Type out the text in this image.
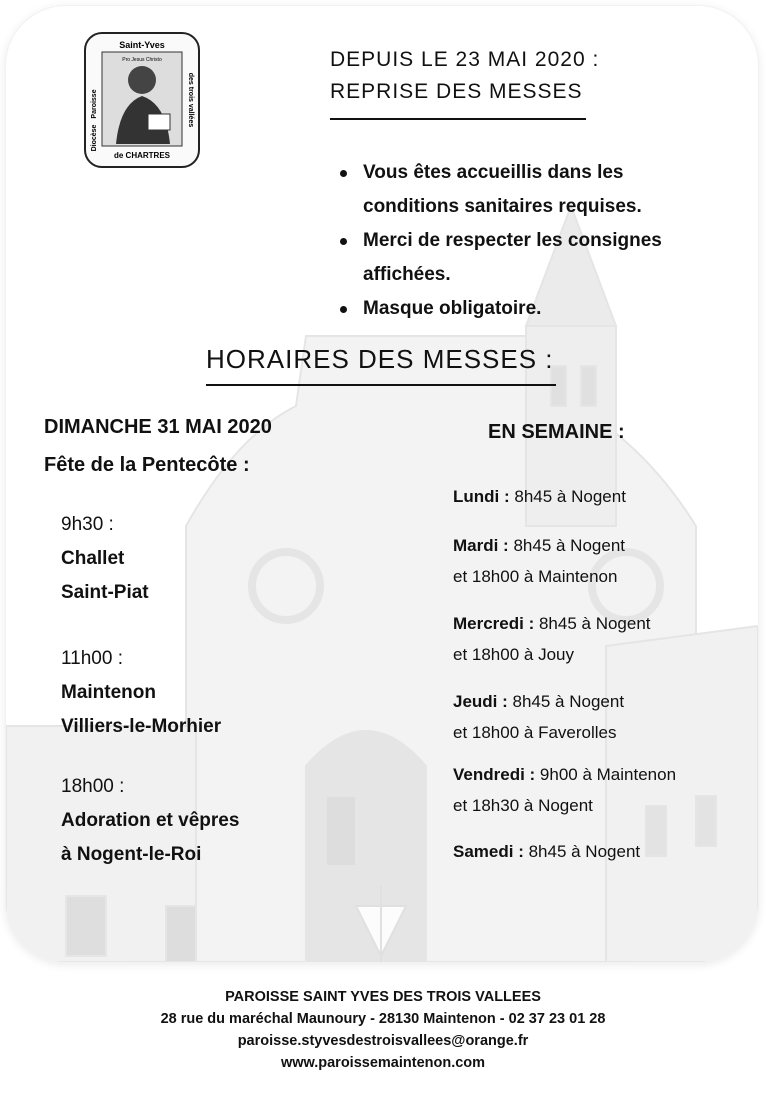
Saint-Yves
de CHARTRES
Paroisse
Diocèse
des trois vallées
Pro Jesus Christo	DEPUIS LE 23 MAI 2020 :
REPRISE DES MESSES
Vous êtes accueillis dans les
conditions sanitaires requises.
Merci de respecter les consignes
affichées.
Masque obligatoire.
HORAIRES DES MESSES :
DIMANCHE 31 MAI 2020
Fête de la Pentecôte :
9h30 :
Challet
Saint-Piat
11h00 :
Maintenon
Villiers-le-Morhier
18h00 :
Adoration et vêpres
à Nogent-le-Roi
EN SEMAINE :
Lundi : 8h45 à Nogent
Mardi : 8h45 à Nogent
et 18h00 à Maintenon
Mercredi : 8h45 à Nogent
et 18h00 à Jouy
Jeudi : 8h45 à Nogent
et 18h00 à Faverolles
Vendredi : 9h00 à Maintenon
et 18h30 à Nogent
Samedi : 8h45 à Nogent
PAROISSE SAINT YVES DES TROIS VALLEES
28 rue du maréchal Maunoury - 28130 Maintenon - 02 37 23 01 28
paroisse.styvesdestroisvallees@orange.fr
www.paroissemaintenon.com
